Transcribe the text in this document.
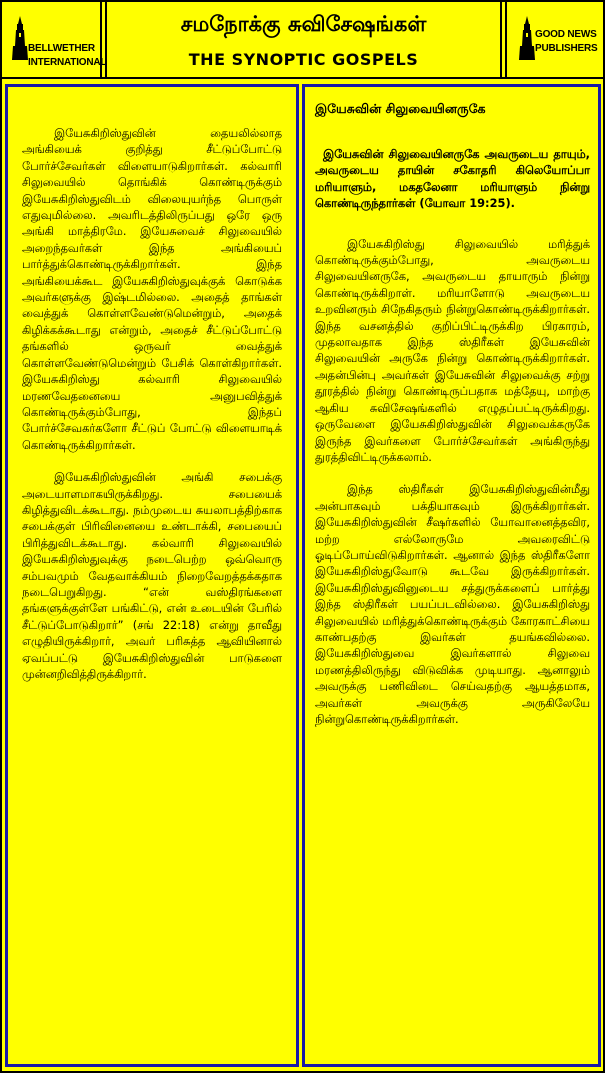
BELLWETHER
INTERNATIONAL
சமநோக்கு சுவிசேஷங்கள்
THE SYNOPTIC GOSPELS
GOOD NEWS
PUBLISHERS

இயேசுகிறிஸ்துவின் தையலில்லாத அங்கியைக் குறித்து சீட்டுப்போட்டு போர்ச்சேவர்கள் விளையாடுகிறார்கள். கல்வாரி சிலுவையில் தொங்கிக் கொண்டிருக்கும் இயேசுகிறிஸ்துவிடம் விலையுயர்ந்த பொருள் எதுவுமில்லை. அவரிடத்திலிருப்பது ஒரே ஒரு அங்கி மாத்திரமே. இயேசுவைச் சிலுவையில் அறைந்தவர்கள் இந்த அங்கியைப் பார்த்துக்கொண்டிருக்கிறார்கள். இந்த அங்கியைக்கூட இயேசுகிறிஸ்துவுக்குக் கொடுக்க அவர்களுக்கு இஷ்டமில்லை. அதைத் தாங்கள் வைத்துக் கொள்ளவேண்டுமென்றும், அதைக் கிழிக்கக்கூடாது என்றும், அதைச் சீட்டுப்போட்டு தங்களில் ஒருவர் வைத்துக் கொள்ளவேண்டுமென்றும் பேசிக் கொள்கிறார்கள். இயேசுகிறிஸ்து கல்வாரி சிலுவையில் மரணவேதனையை அனுபவித்துக் கொண்டிருக்கும்போது, இந்தப் போர்ச்சேவகர்களோ சீட்டுப் போட்டு விளையாடிக் கொண்டிருக்கிறார்கள்.

இயேசுகிறிஸ்துவின் அங்கி சபைக்கு அடையாளமாகயிருக்கிறது. சபையைக் கிழித்துவிடக்கூடாது. நம்முடைய சுயலாபத்திற்காக சபைக்குள் பிரிவினையை உண்டாக்கி, சபையைப் பிரித்துவிடக்கூடாது. கல்வாரி சிலுவையில் இயேசுகிறிஸ்துவுக்கு நடைபெற்ற ஒவ்வொரு சம்பவமும் வேதவாக்கியம் நிறைவேறத்தக்கதாக நடைபெறுகிறது. “என் வஸ்திரங்களை தங்களுக்குள்ளே பங்கிட்டு, என் உடையின் பேரில் சீட்டுப்போடுகிறார்” (சங் 22:18) என்று தாவீது எழுதியிருக்கிறார், அவர் பரிசுத்த ஆவியினால் ஏவப்பட்டு இயேசுகிறிஸ்துவின் பாடுகளை முன்னறிவித்திருக்கிறார்.

இயேசுவின் சிலுவையினருகே

இயேசுவின் சிலுவையினருகே அவருடைய தாயும், அவருடைய தாயின் சகோதரி கிலெயோப்பா மரியாளும், மகதலேனா மரியாளும் நின்று கொண்டிருந்தார்கள் (யோவா 19:25).

இயேசுகிறிஸ்து சிலுவையில் மரித்துக் கொண்டிருக்கும்போது, அவருடைய சிலுவையினருகே, அவருடைய தாயாரும் நின்று கொண்டிருக்கிறாள். மரியாளோடு அவருடைய உறவினரும் சிநேகிதரும் நின்றுகொண்டிருக்கிறார்கள். இந்த வசனத்தில் குறிப்பிட்டிருக்கிற பிரகாரம், முதலாவதாக இந்த ஸ்திரீகள் இயேசுவின் சிலுவையின் அருகே நின்று கொண்டிருக்கிறார்கள். அதன்பின்பு அவர்கள் இயேசுவின் சிலுவைக்கு சற்று தூரத்தில் நின்று கொண்டிருப்பதாக மத்தேயு, மாற்கு ஆகிய சுவிசேஷங்களில் எழுதப்பட்டிருக்கிறது. ஒருவேளை இயேசுகிறிஸ்துவின் சிலுவைக்கருகே இருந்த இவர்களை போர்ச்சேவர்கள் அங்கிருந்து துரத்திவிட்டிருக்கலாம்.

இந்த ஸ்திரீகள் இயேசுகிறிஸ்துவின்மீது அன்பாகவும் பக்தியாகவும் இருக்கிறார்கள். இயேசுகிறிஸ்துவின் சீஷர்களில் யோவானைத்தவிர, மற்ற எல்லோருமே அவரைவிட்டு ஓடிப்போய்விடுகிறார்கள். ஆனால் இந்த ஸ்திரீகளோ இயேசுகிறிஸ்துவோடு கூடவே இருக்கிறார்கள். இயேசுகிறிஸ்துவினுடைய சத்துருக்களைப் பார்த்து இந்த ஸ்திரீகள் பயப்படவில்லை. இயேசுகிறிஸ்து சிலுவையில் மரித்துக்கொண்டிருக்கும் கோரகாட்சியை காண்பதற்கு இவர்கள் தயங்கவில்லை. இயேசுகிறிஸ்துவை இவர்களால் சிலுவை மரணத்திலிருந்து விடுவிக்க முடியாது. ஆனாலும் அவருக்கு பணிவிடை செய்வதற்கு ஆயத்தமாக, அவர்கள் அவருக்கு அருகிலேயே நின்றுகொண்டிருக்கிறார்கள்.
